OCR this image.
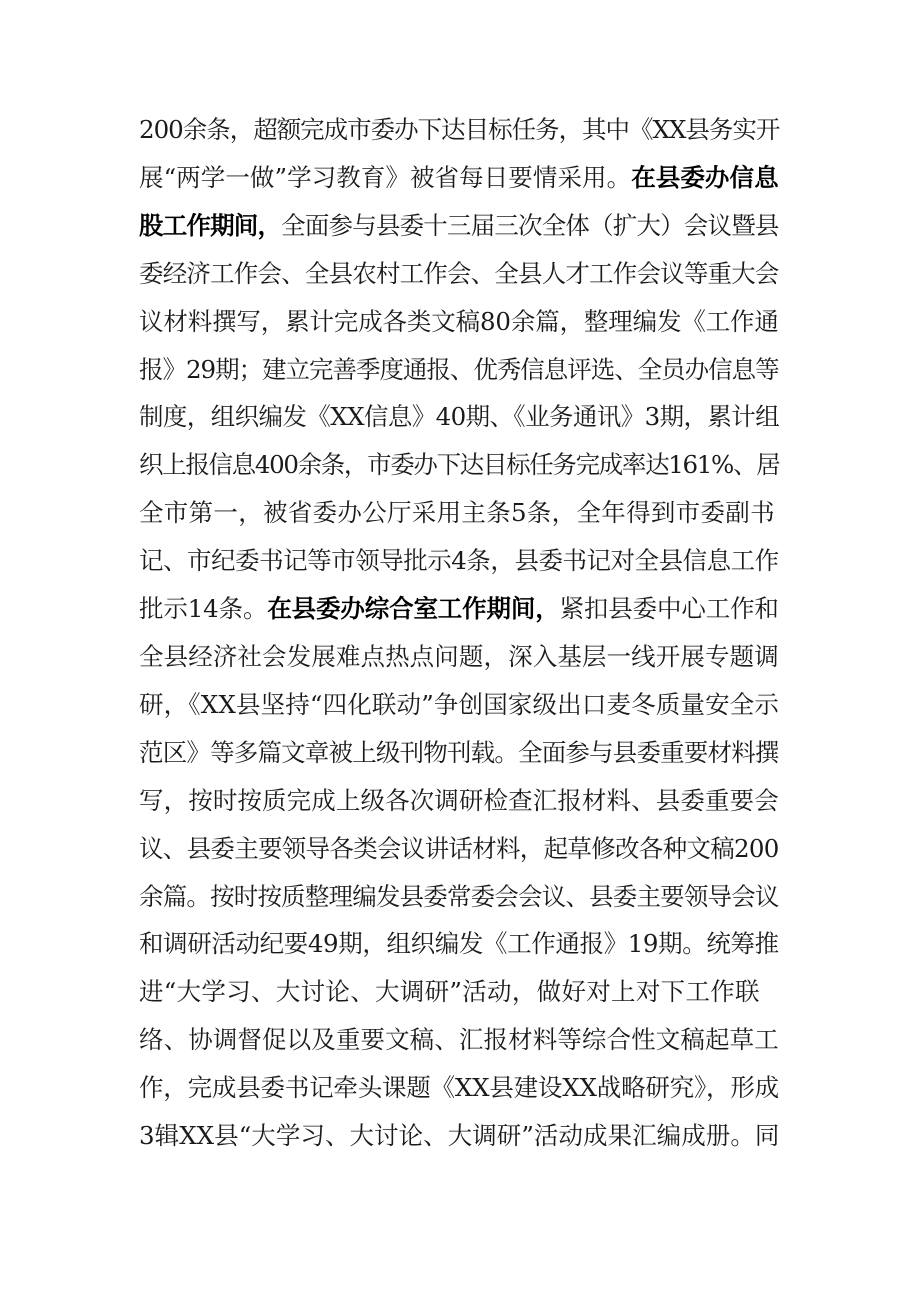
200余条，超额完成市委办下达目标任务，其中《XX县务实开
展“两学一做”学习教育》被省每日要情采用。在县委办信息
股工作期间，全面参与县委十三届三次全体（扩大）会议暨县
委经济工作会、全县农村工作会、全县人才工作会议等重大会
议材料撰写，累计完成各类文稿80余篇，整理编发《工作通
报》29期；建立完善季度通报、优秀信息评选、全员办信息等
制度，组织编发《XX信息》40期、《业务通讯》3期，累计组
织上报信息400余条，市委办下达目标任务完成率达161%、居
全市第一，被省委办公厅采用主条5条，全年得到市委副书
记、市纪委书记等市领导批示4条，县委书记对全县信息工作
批示14条。在县委办综合室工作期间，紧扣县委中心工作和
全县经济社会发展难点热点问题，深入基层一线开展专题调
研，《XX县坚持“四化联动”争创国家级出口麦冬质量安全示
范区》等多篇文章被上级刊物刊载。全面参与县委重要材料撰
写，按时按质完成上级各次调研检查汇报材料、县委重要会
议、县委主要领导各类会议讲话材料，起草修改各种文稿200
余篇。按时按质整理编发县委常委会会议、县委主要领导会议
和调研活动纪要49期，组织编发《工作通报》19期。统筹推
进“大学习、大讨论、大调研”活动，做好对上对下工作联
络、协调督促以及重要文稿、汇报材料等综合性文稿起草工
作，完成县委书记牵头课题《XX县建设XX战略研究》，形成
3辑XX县“大学习、大讨论、大调研”活动成果汇编成册。同
